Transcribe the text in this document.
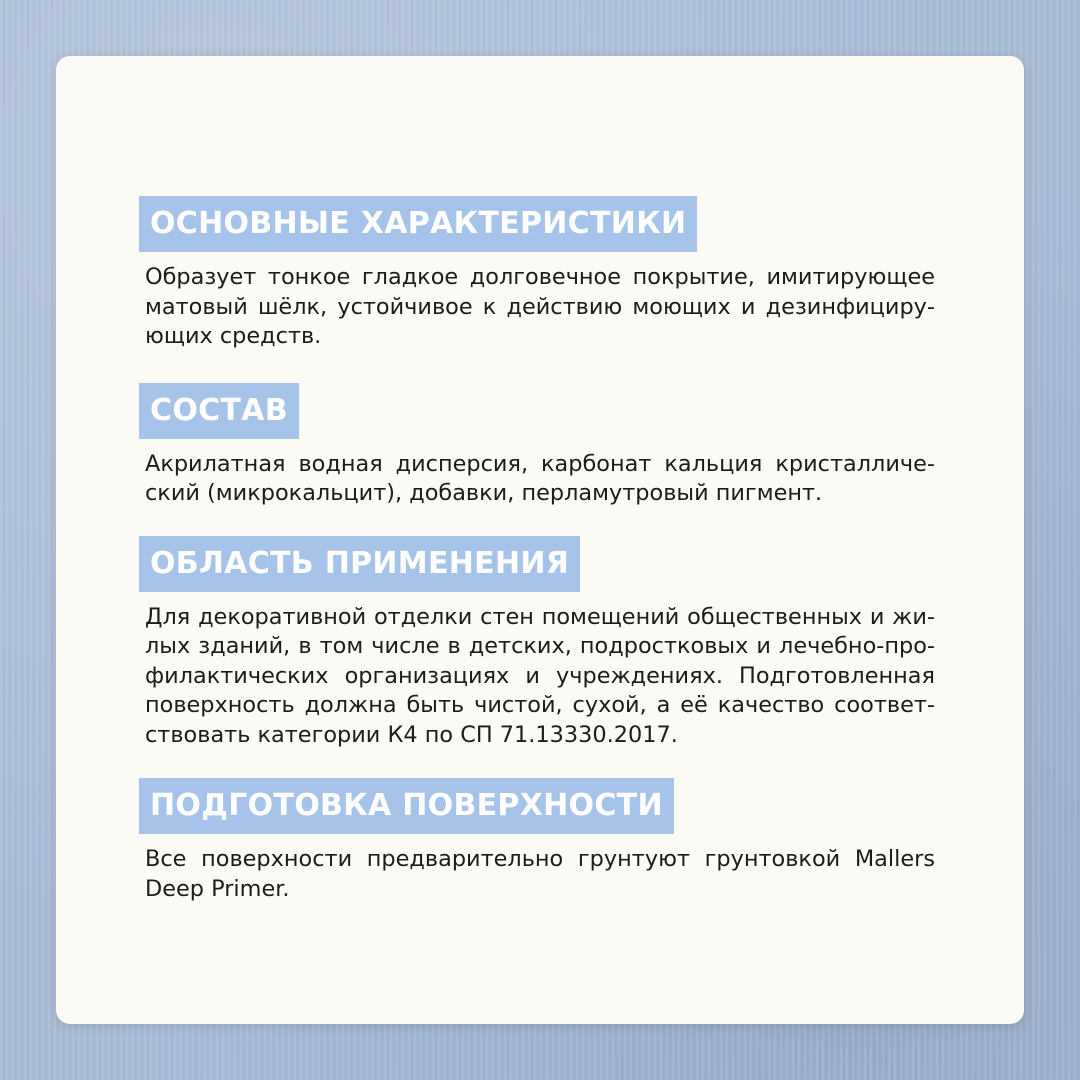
ОСНОВНЫЕ ХАРАКТЕРИСТИКИ
Образует тонкое гладкое долговечное покрытие, имитирующее матовый шёлк, устойчивое к действию моющих и дезинфицирующих средств.
СОСТАВ
Акрилатная водная дисперсия, карбонат кальция кристаллический (микрокальцит), добавки, перламутровый пигмент.
ОБЛАСТЬ ПРИМЕНЕНИЯ
Для декоративной отделки стен помещений общественных и жилых зданий, в том числе в детских, подростковых и лечебно-профилактических организациях и учреждениях. Подготовленная поверхность должна быть чистой, сухой, а её качество соответствовать категории К4 по СП 71.13330.2017.
ПОДГОТОВКА ПОВЕРХНОСТИ
Все поверхности предварительно грунтуют грунтовкой Mallers Deep Primer.
